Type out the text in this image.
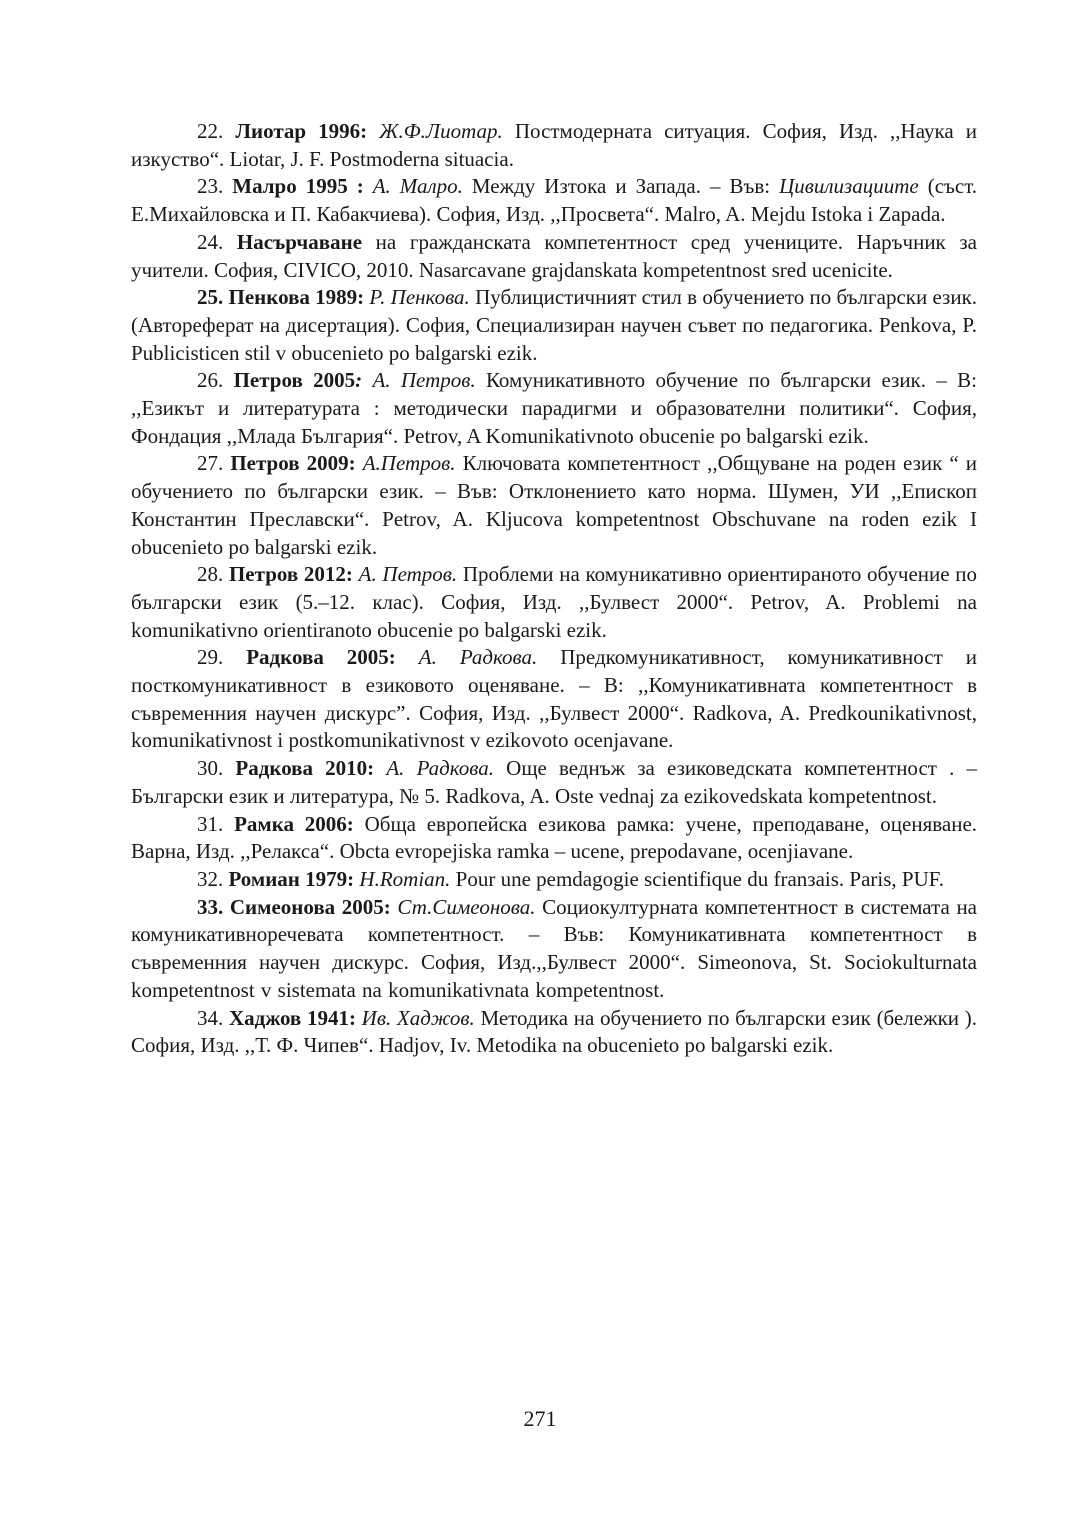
22. Лиотар 1996: Ж.Ф.Лиотар. Постмодерната ситуация. София, Изд. ,,Наука и изкуство“. Liotar, J. F. Postmoderna situacia.

23. Малро 1995 : А. Малро. Между Изтока и Запада. – Във: Цивилизациите (съст. Е.Михайловска и П. Кабакчиева). София, Изд. ,,Просвета“. Malro, A. Mejdu Istoka i Zapada.

24. Насърчаване на гражданската компетентност сред учениците. Наръчник за учители. София, CIVICO, 2010. Nasarcavane grajdanskata kompetentnost sred ucenicite.

25. Пенкова 1989: Р. Пенкова. Публицистичният стил в обучението по български език.(Автореферат на дисертация). София, Специализиран научен съвет по педагогика. Penkova, P. Publicisticen stil v obucenieto po balgarski ezik.

26. Петров 2005: А. Петров. Комуникативното обучение по български език. – В: ,,Езикът и литературата : методически парадигми и образователни политики“. София, Фондация ,,Млада България“. Petrov, A Komunikativnoto obucenie po balgarski ezik.

27. Петров 2009: А.Петров. Ключовата компетентност ,,Общуване на роден език “ и обучението по български език. – Във: Отклонението като норма. Шумен, УИ ,,Епископ Константин Преславски“. Petrov, A. Kljucova kompetentnost Obschuvane na roden ezik I obucenieto po balgarski ezik.

28. Петров 2012: А. Петров. Проблеми на комуникативно ориентираното обучение по български език (5.–12. клас). София, Изд. ,,Булвест 2000“. Petrov, A. Problemi na komunikativno orientiranoto obucenie po balgarski ezik.

29. Радкова 2005: А. Радкова. Предкомуникативност, комуникативност и посткомуникативност в езиковото оценяване. – В: ,,Комуникативната компетентност в съвременния научен дискурс”. София, Изд. ,,Булвест 2000“. Radkova, A. Predkounikativnost, komunikativnost i postkomunikativnost v ezikovoto ocenjavane.

30. Радкова 2010: А. Радкова. Още веднъж за езиковедската компетентност . – Български език и литература, № 5. Radkova, A. Oste vednaj za ezikovedskata kompetentnost.

31. Рамка 2006: Обща европейска езикова рамка: учене, преподаване, оценяване. Варна, Изд. ,,Релакса“. Obcta evropejiska ramka – ucene, prepodavane, ocenjiavane.

32. Ромиан 1979: H.Romian. Pour une pemdagogie scientifique du franзais. Paris, PUF.

33. Симеонова 2005: Ст.Симеонова. Социокултурната компетентност в системата на комуникативноречевата компетентност. – Във: Комуникативната компетентност в съвременния научен дискурс. София, Изд.,,Булвест 2000“. Simeonova, St. Sociokulturnata kompetentnost v sistemata na komunikativnata kompetentnost.

34. Хаджов 1941: Ив. Хаджов. Методика на обучението по български език (бележки ). София, Изд. ,,Т. Ф. Чипев“. Hadjov, Iv. Metodika na obucenieto po balgarski ezik.

271
